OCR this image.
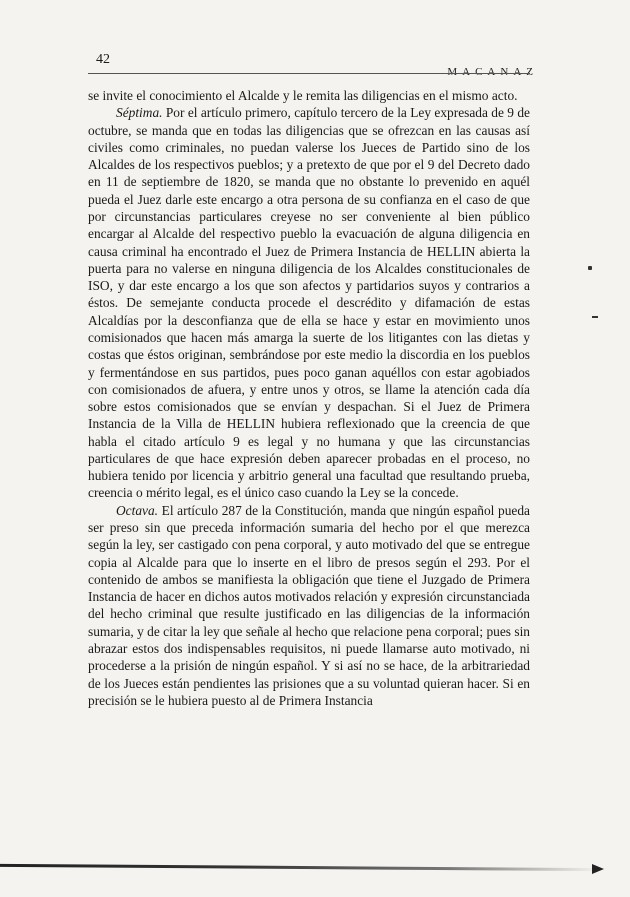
42
MACANAZ

se invite el conocimiento el Alcalde y le remita las diligencias en el mismo acto.

Séptima. Por el artículo primero, capítulo tercero de la Ley expresada de 9 de octubre, se manda que en todas las diligencias que se ofrezcan en las causas así civiles como criminales, no puedan valerse los Jueces de Partido sino de los Alcaldes de los respectivos pueblos; y a pretexto de que por el 9 del Decreto dado en 11 de septiembre de 1820, se manda que no obstante lo prevenido en aquél pueda el Juez darle este encargo a otra persona de su confianza en el caso de que por circunstancias particulares creyese no ser conveniente al bien público encargar al Alcalde del respectivo pueblo la evacuación de alguna diligencia en causa criminal ha encontrado el Juez de Primera Instancia de HELLIN abierta la puerta para no valerse en ninguna diligencia de los Alcaldes constitucionales de ISO, y dar este encargo a los que son afectos y partidarios suyos y contrarios a éstos. De semejante conducta procede el descrédito y difamación de estas Alcaldías por la desconfianza que de ella se hace y estar en movimiento unos comisionados que hacen más amarga la suerte de los litigantes con las dietas y costas que éstos originan, sembrándose por este medio la discordia en los pueblos y fermentándose en sus partidos, pues poco ganan aquéllos con estar agobiados con comisionados de afuera, y entre unos y otros, se llame la atención cada día sobre estos comisionados que se envían y despachan. Si el Juez de Primera Instancia de la Villa de HELLIN hubiera reflexionado que la creencia de que habla el citado artículo 9 es legal y no humana y que las circunstancias particulares de que hace expresión deben aparecer probadas en el proceso, no hubiera tenido por licencia y arbitrio general una facultad que resultando prueba, creencia o mérito legal, es el único caso cuando la Ley se la concede.

Octava. El artículo 287 de la Constitución, manda que ningún español pueda ser preso sin que preceda información sumaria del hecho por el que merezca según la ley, ser castigado con pena corporal, y auto motivado del que se entregue copia al Alcalde para que lo inserte en el libro de presos según el 293. Por el contenido de ambos se manifiesta la obligación que tiene el Juzgado de Primera Instancia de hacer en dichos autos motivados relación y expresión circunstanciada del hecho criminal que resulte justificado en las diligencias de la información sumaria, y de citar la ley que señale al hecho que relacione pena corporal; pues sin abrazar estos dos indispensables requisitos, ni puede llamarse auto motivado, ni procederse a la prisión de ningún español. Y si así no se hace, de la arbitrariedad de los Jueces están pendientes las prisiones que a su voluntad quieran hacer. Si en precisión se le hubiera puesto al de Primera Instancia
